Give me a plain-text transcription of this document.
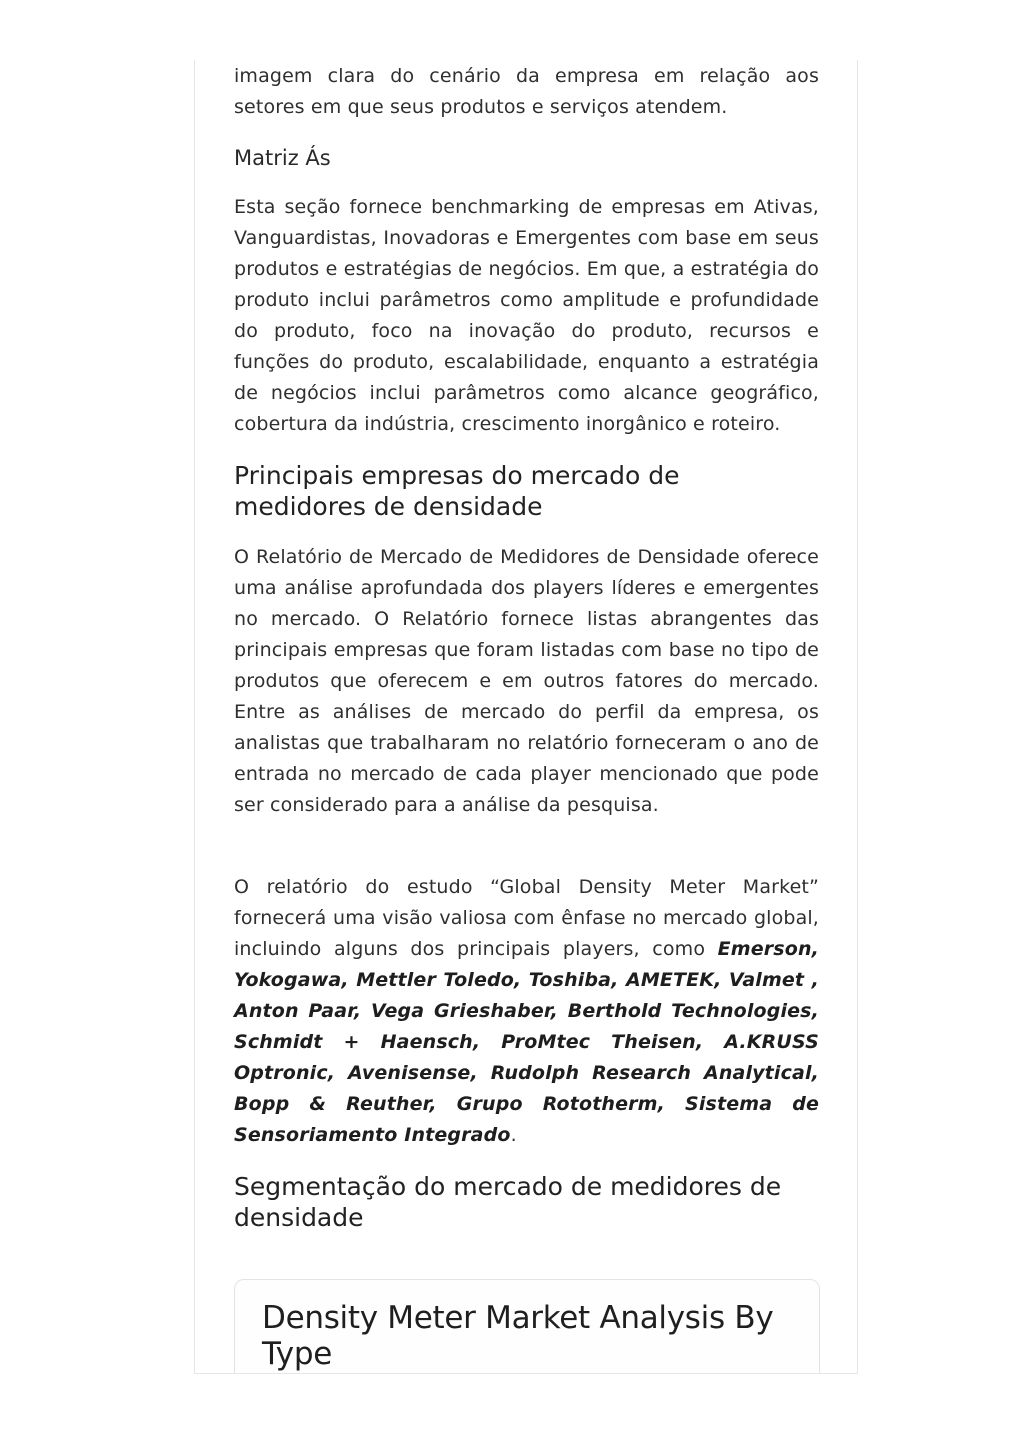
imagem clara do cenário da empresa em relação aos setores em que seus produtos e serviços atendem.

Matriz Ás

Esta seção fornece benchmarking de empresas em Ativas, Vanguardistas, Inovadoras e Emergentes com base em seus produtos e estratégias de negócios. Em que, a estratégia do produto inclui parâmetros como amplitude e profundidade do produto, foco na inovação do produto, recursos e funções do produto, escalabilidade, enquanto a estratégia de negócios inclui parâmetros como alcance geográfico, cobertura da indústria, crescimento inorgânico e roteiro.

Principais empresas do mercado de medidores de densidade

O Relatório de Mercado de Medidores de Densidade oferece uma análise aprofundada dos players líderes e emergentes no mercado. O Relatório fornece listas abrangentes das principais empresas que foram listadas com base no tipo de produtos que oferecem e em outros fatores do mercado. Entre as análises de mercado do perfil da empresa, os analistas que trabalharam no relatório forneceram o ano de entrada no mercado de cada player mencionado que pode ser considerado para a análise da pesquisa.

O relatório do estudo “Global Density Meter Market” fornecerá uma visão valiosa com ênfase no mercado global, incluindo alguns dos principais players, como Emerson, Yokogawa, Mettler Toledo, Toshiba, AMETEK, Valmet , Anton Paar, Vega Grieshaber, Berthold Technologies, Schmidt + Haensch, ProMtec Theisen, A.KRUSS Optronic, Avenisense, Rudolph Research Analytical, Bopp & Reuther, Grupo Rototherm, Sistema de Sensoriamento Integrado.

Segmentação do mercado de medidores de densidade
Density Meter Market Analysis By Type
